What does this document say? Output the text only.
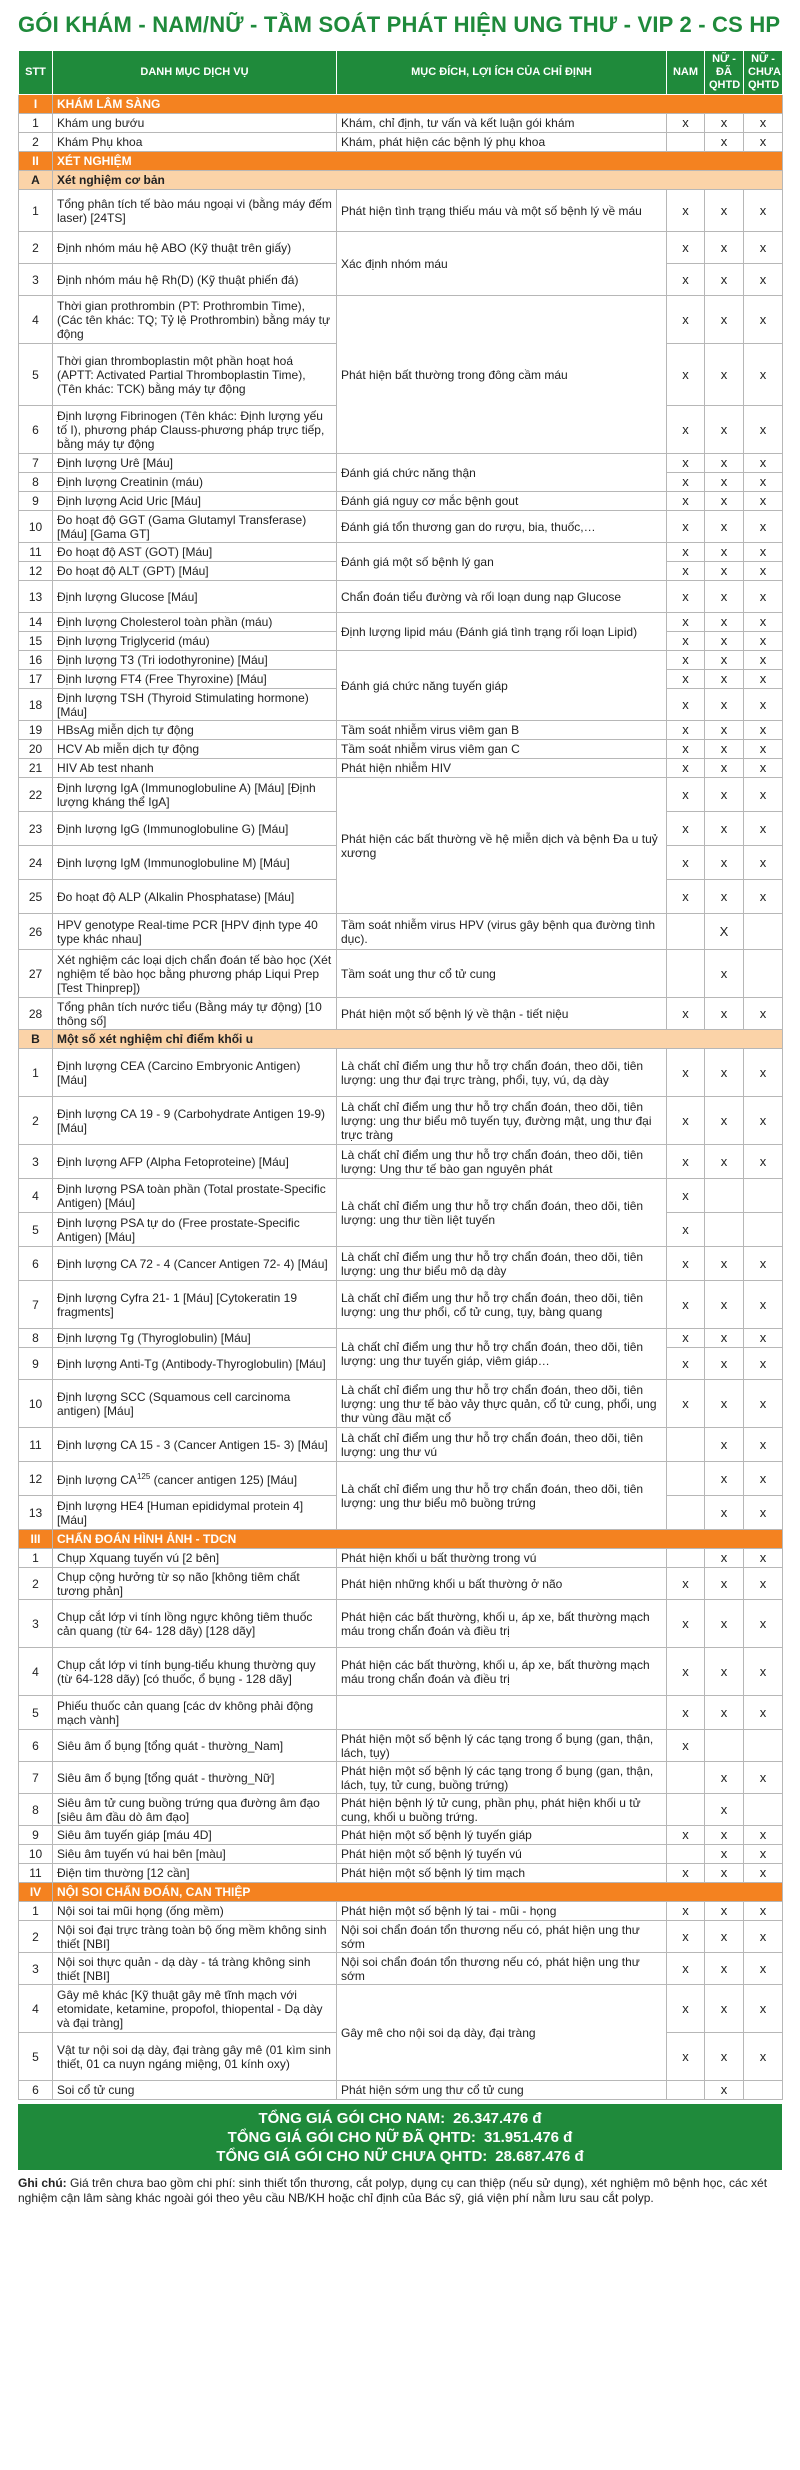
GÓI KHÁM - NAM/NỮ - TẦM SOÁT PHÁT HIỆN UNG THƯ - VIP 2 - CS HP
STT	DANH MỤC DỊCH VỤ	MỤC ĐÍCH, LỢI ÍCH CỦA CHỈ ĐỊNH	NAM	NỮ - ĐÃ QHTD	NỮ - CHƯA QHTD
I	KHÁM LÂM SÀNG				
1	Khám ung bướu	Khám, chỉ định, tư vấn và kết luận gói khám	x	x	x
2	Khám Phụ khoa	Khám, phát hiện các bệnh lý phụ khoa		x	x
II	XÉT NGHIỆM				
A	Xét nghiệm cơ bản				
1	Tổng phân tích tế bào máu ngoại vi (bằng máy đếm laser) [24TS]	Phát hiện tình trạng thiếu máu và một số bệnh lý về máu	x	x	x
2	Định nhóm máu hệ ABO (Kỹ thuật trên giấy)	Xác định nhóm máu	x	x	x
3	Định nhóm máu hệ Rh(D) (Kỹ thuật phiến đá)		x	x	x
4	Thời gian prothrombin (PT: Prothrombin Time), (Các tên khác: TQ; Tỷ lệ Prothrombin) bằng máy tự động	Phát hiện bất thường trong đông cầm máu	x	x	x
5	Thời gian thromboplastin một phần hoạt hoá (APTT: Activated Partial Thromboplastin Time), (Tên khác: TCK) bằng máy tự động		x	x	x
6	Định lượng Fibrinogen (Tên khác: Định lượng yếu tố I), phương pháp Clauss-phương pháp trực tiếp, bằng máy tự động		x	x	x
7	Định lượng Urê [Máu]	Đánh giá chức năng thận	x	x	x
8	Định lượng Creatinin (máu)		x	x	x
9	Định lượng Acid Uric [Máu]	Đánh giá nguy cơ mắc bệnh gout	x	x	x
10	Đo hoạt độ GGT (Gama Glutamyl Transferase) [Máu] [Gama GT]	Đánh giá tổn thương gan do rượu, bia, thuốc,…	x	x	x
11	Đo hoạt độ AST (GOT) [Máu]	Đánh giá một số bệnh lý gan	x	x	x
12	Đo hoạt độ ALT (GPT) [Máu]		x	x	x
13	Định lượng Glucose [Máu]	Chẩn đoán tiểu đường và rối loạn dung nạp Glucose	x	x	x
14	Định lượng Cholesterol toàn phần (máu)	Định lượng lipid máu (Đánh giá tình trạng rối loạn Lipid)	x	x	x
15	Định lượng Triglycerid (máu)		x	x	x
16	Định lượng T3 (Tri iodothyronine) [Máu]	Đánh giá chức năng tuyến giáp	x	x	x
17	Định lượng FT4 (Free Thyroxine) [Máu]		x	x	x
18	Định lượng TSH (Thyroid Stimulating hormone) [Máu]		x	x	x
19	HBsAg miễn dịch tự động	Tầm soát nhiễm virus viêm gan B	x	x	x
20	HCV Ab miễn dịch tự động	Tầm soát nhiễm virus viêm gan C	x	x	x
21	HIV Ab test nhanh	Phát hiện nhiễm HIV	x	x	x
22	Định lượng IgA (Immunoglobuline A) [Máu] [Định lượng kháng thể IgA]	Phát hiện các bất thường về hệ miễn dịch và bệnh Đa u tuỷ xương	x	x	x
23	Định lượng IgG (Immunoglobuline G) [Máu]		x	x	x
24	Định lượng IgM (Immunoglobuline M) [Máu]		x	x	x
25	Đo hoạt độ ALP (Alkalin Phosphatase) [Máu]		x	x	x
26	HPV genotype Real-time PCR [HPV định type 40 type khác nhau]	Tầm soát nhiễm virus HPV (virus gây bệnh qua đường tình dục).		X	
27	Xét nghiệm các loại dịch chẩn đoán tế bào học (Xét nghiệm tế bào học bằng phương pháp Liqui Prep [Test Thinprep])	Tầm soát ung thư cổ tử cung		x	
28	Tổng phân tích nước tiểu (Bằng máy tự động) [10 thông số]	Phát hiện một số bệnh lý về thận - tiết niệu	x	x	x
B	Một số xét nghiệm chỉ điểm khối u				
1	Định lượng CEA (Carcino Embryonic Antigen) [Máu]	Là chất chỉ điểm ung thư hỗ trợ chẩn đoán, theo dõi, tiên lượng: ung thư đại trực tràng, phổi, tụy, vú, dạ dày	x	x	x
2	Định lượng CA 19 - 9 (Carbohydrate Antigen 19-9) [Máu]	Là chất chỉ điểm ung thư hỗ trợ chẩn đoán, theo dõi, tiên lượng: ung thư biểu mô tuyến tụy, đường mật, ung thư đại trực tràng	x	x	x
3	Định lượng AFP (Alpha Fetoproteine) [Máu]	Là chất chỉ điểm ung thư hỗ trợ chẩn đoán, theo dõi, tiên lượng: Ung thư tế bào gan nguyên phát	x	x	x
4	Định lượng PSA toàn phần (Total prostate-Specific Antigen) [Máu]	Là chất chỉ điểm ung thư hỗ trợ chẩn đoán, theo dõi, tiên lượng: ung thư tiền liệt tuyến	x		
5	Định lượng PSA tự do (Free prostate-Specific Antigen) [Máu]		x		
6	Định lượng CA 72 - 4 (Cancer Antigen 72- 4) [Máu]	Là chất chỉ điểm ung thư hỗ trợ chẩn đoán, theo dõi, tiên lượng: ung thư biểu mô dạ dày	x	x	x
7	Định lượng Cyfra 21- 1 [Máu] [Cytokeratin 19 fragments]	Là chất chỉ điểm ung thư hỗ trợ chẩn đoán, theo dõi, tiên lượng: ung thư phổi, cổ tử cung, tụy, bàng quang	x	x	x
8	Định lượng Tg (Thyroglobulin) [Máu]	Là chất chỉ điểm ung thư hỗ trợ chẩn đoán, theo dõi, tiên lượng: ung thư tuyến giáp, viêm giáp…	x	x	x
9	Định lượng Anti-Tg (Antibody-Thyroglobulin) [Máu]		x	x	x
10	Định lượng SCC (Squamous cell carcinoma antigen) [Máu]	Là chất chỉ điểm ung thư hỗ trợ chẩn đoán, theo dõi, tiên lượng: ung thư tế bào vảy thực quản, cổ tử cung, phổi, ung thư vùng đầu mặt cổ	x	x	x
11	Định lượng CA 15 - 3 (Cancer Antigen 15- 3) [Máu]	Là chất chỉ điểm ung thư hỗ trợ chẩn đoán, theo dõi, tiên lượng: ung thư vú		x	x
12	Định lượng CA$^{125}$ (cancer antigen 125) [Máu]	Là chất chỉ điểm ung thư hỗ trợ chẩn đoán, theo dõi, tiên lượng: ung thư biểu mô buồng trứng		x	x
13	Định lượng HE4 [Human epididymal protein 4] [Máu]			x	x
III	CHẨN ĐOÁN HÌNH ẢNH - TDCN				
1	Chụp Xquang tuyến vú [2 bên]	Phát hiện khối u bất thường trong vú		x	x
2	Chụp cộng hưởng từ sọ não [không tiêm chất tương phản]	Phát hiện những khối u bất thường ở não	x	x	x
3	Chụp cắt lớp vi tính lồng ngực không tiêm thuốc cản quang (từ 64- 128 dãy) [128 dãy]	Phát hiện các bất thường, khối u, áp xe, bất thường mạch máu trong chẩn đoán và điều trị	x	x	x
4	Chụp cắt lớp vi tính bụng-tiểu khung thường quy (từ 64-128 dãy) [có thuốc, ổ bụng - 128 dãy]	Phát hiện các bất thường, khối u, áp xe, bất thường mạch máu trong chẩn đoán và điều trị	x	x	x
5	Phiếu thuốc cản quang [các dv không phải động mạch vành]		x	x	x
6	Siêu âm ổ bụng [tổng quát - thường_Nam]	Phát hiện một số bệnh lý các tạng trong ổ bụng (gan, thận, lách, tụy)	x		
7	Siêu âm ổ bụng [tổng quát - thường_Nữ]	Phát hiện một số bệnh lý các tạng trong ổ bụng (gan, thận, lách, tụy, tử cung, buồng trứng)		x	x
8	Siêu âm tử cung buồng trứng qua đường âm đạo [siêu âm đầu dò âm đạo]	Phát hiện bệnh lý tử cung, phần phụ, phát hiện khối u tử cung, khối u buồng trứng.		x	
9	Siêu âm tuyến giáp [máu 4D]	Phát hiện một số bệnh lý tuyến giáp	x	x	x
10	Siêu âm tuyến vú hai bên [màu]	Phát hiện một số bệnh lý tuyến vú		x	x
11	Điện tim thường [12 cần]	Phát hiện một số bệnh lý tim mạch	x	x	x
IV	NỘI SOI CHẨN ĐOÁN, CAN THIỆP				
1	Nội soi tai mũi họng (ống mềm)	Phát hiện một số bệnh lý tai - mũi - họng	x	x	x
2	Nội soi đại trực tràng toàn bộ ống mềm không sinh thiết [NBI]	Nội soi chẩn đoán tổn thương nếu có, phát hiện ung thư sớm	x	x	x
3	Nội soi thực quản - dạ dày - tá tràng không sinh thiết [NBI]	Nội soi chẩn đoán tổn thương nếu có, phát hiện ung thư sớm	x	x	x
4	Gây mê khác [Kỹ thuật gây mê tĩnh mạch với etomidate, ketamine, propofol, thiopental - Dạ dày và đại tràng]	Gây mê cho nội soi dạ dày, đại tràng	x	x	x
5	Vật tư nội soi dạ dày, đại tràng gây mê (01 kìm sinh thiết, 01 ca nuyn ngáng miệng, 01 kính oxy)		x	x	x
6	Soi cổ tử cung	Phát hiện sớm ung thư cổ tử cung		x	
TỔNG GIÁ GÓI CHO NAM: 26.347.476 đ
TỔNG GIÁ GÓI CHO NỮ ĐÃ QHTD: 31.951.476 đ
TỔNG GIÁ GÓI CHO NỮ CHƯA QHTD: 28.687.476 đ
Ghi chú: Giá trên chưa bao gồm chi phí: sinh thiết tổn thương, cắt polyp, dụng cụ can thiệp (nếu sử dụng), xét nghiệm mô bệnh học, các xét nghiệm cận lâm sàng khác ngoài gói theo yêu cầu NB/KH hoặc chỉ định của Bác sỹ, giá viện phí nằm lưu sau cắt polyp.
